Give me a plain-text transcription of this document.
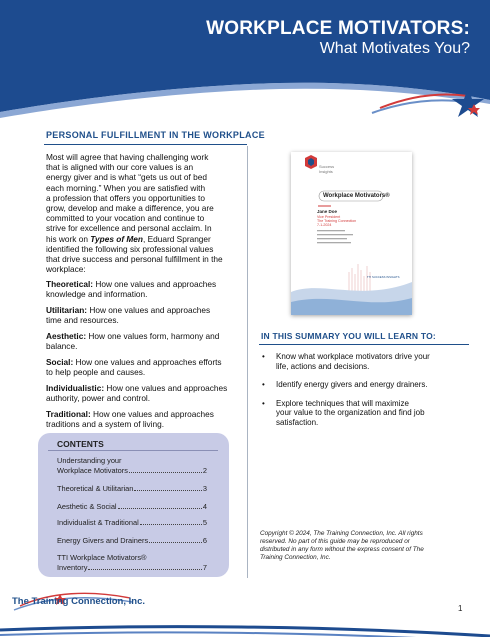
WORKPLACE MOTIVATORS:
What Motivates You?
PERSONAL FULFILLMENT IN THE WORKPLACE
Most will agree that having challenging work
that is aligned with our core values is an
energy giver and is what “gets us out of bed
each morning.” When you are satisfied with
a profession that offers you opportunities to
grow, develop and make a difference, you are
committed to your vocation and continue to
strive for excellence and personal acclaim. In
his work on Types of Men, Eduard Spranger
identified the following six professional values
that drive success and personal fulfillment in the
workplace:
Theoretical: How one values and approaches
knowledge and information.
Utilitarian: How one values and approaches
time and resources.
Aesthetic: How one values form, harmony and
balance.
Social: How one values and approaches efforts
to help people and causes.
Individualistic: How one values and approaches
authority, power and control.
Traditional: How one values and approaches
traditions and a system of living.
CONTENTS
Understanding your
Workplace Motivators	2
Theoretical & Utilitarian	3
Aesthetic & Social	4
Individualist & Traditional	5
Energy Givers and Drainers	6
TTI Workplace Motivators®
Inventory	7
Success
Insights
Workplace Motivators®
Jane Doe
Vice President
The Training Connection
7-1-2024
TTI SUCCESS INSIGHTS
IN THIS SUMMARY YOU WILL LEARN TO:
•	Know what workplace motivators drive your
life, actions and decisions.
•	Identify energy givers and energy drainers.
•	Explore techniques that will maximize
your value to the organization and find job
satisfaction.
Copyright © 2024, The Training Connection, Inc. All rights
reserved. No part of this guide may be reproduced or
distributed in any form without the express consent of The
Training Connection, Inc.
The Training Connection, Inc.
1
